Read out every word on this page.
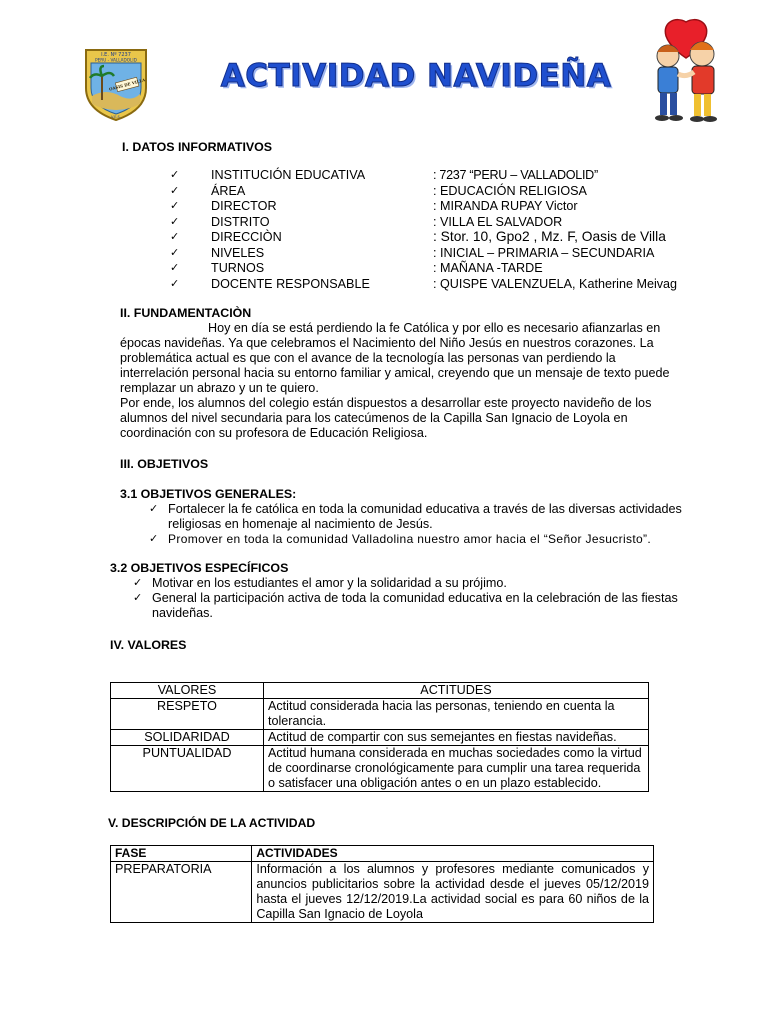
I.E. Nº 7237
PERU - VALLADOLID
OASIS DE VILLA
V.E.S.
ACTIVIDAD NAVIDEÑA
I. DATOS INFORMATIVOS
✓	INSTITUCIÓN EDUCATIVA	: 7237 “PERU – VALLADOLID”
✓	ÁREA	: EDUCACIÓN RELIGIOSA
✓	DIRECTOR	: MIRANDA RUPAY Victor
✓	DISTRITO	: VILLA EL SALVADOR
✓	DIRECCIÒN	: Stor. 10, Gpo2 , Mz. F, Oasis de Villa
✓	NIVELES	: INICIAL – PRIMARIA – SECUNDARIA
✓	TURNOS	: MAÑANA -TARDE
✓	DOCENTE RESPONSABLE	: QUISPE VALENZUELA, Katherine Meivag
II. FUNDAMENTACIÒN

Hoy en día se está perdiendo la fe Católica y por ello es necesario afianzarlas en épocas navideñas. Ya que celebramos el Nacimiento del Niño Jesús en nuestros corazones. La problemática actual es que con el avance de la tecnología las personas van perdiendo la interrelación personal hacia su entorno familiar y amical, creyendo que un mensaje de texto puede remplazar un abrazo y un te quiero.

Por ende, los alumnos del colegio están dispuestos a desarrollar este proyecto navideño de los alumnos del nivel secundaria para los catecúmenos de la Capilla San Ignacio de Loyola en coordinación con su profesora de Educación Religiosa.

III. OBJETIVOS
3.1 OBJETIVOS GENERALES:
✓ Fortalecer la fe católica en toda la comunidad educativa a través de las diversas actividades religiosas en homenaje al nacimiento de Jesús.
✓ Promover en toda la comunidad Valladolina nuestro amor hacia el “Señor Jesucristo”.
3.2 OBJETIVOS ESPECÍFICOS
✓ Motivar en los estudiantes el amor y la solidaridad a su prójimo.
✓ General la participación activa de toda la comunidad educativa en la celebración de las fiestas navideñas.
IV. VALORES
VALORES	ACTITUDES
RESPETO	Actitud considerada hacia las personas, teniendo en cuenta la tolerancia.
SOLIDARIDAD	Actitud de compartir con sus semejantes en fiestas navideñas.
PUNTUALIDAD	Actitud humana considerada en muchas sociedades como la virtud de coordinarse cronológicamente para cumplir una tarea requerida o satisfacer una obligación antes o en un plazo establecido.
V. DESCRIPCIÓN DE LA ACTIVIDAD
FASE	ACTIVIDADES
PREPARATORIA	Información a los alumnos y profesores mediante comunicados y anuncios publicitarios sobre la actividad desde el jueves 05/12/2019 hasta el jueves 12/12/2019.La actividad social es para 60 niños de la Capilla San Ignacio de Loyola
